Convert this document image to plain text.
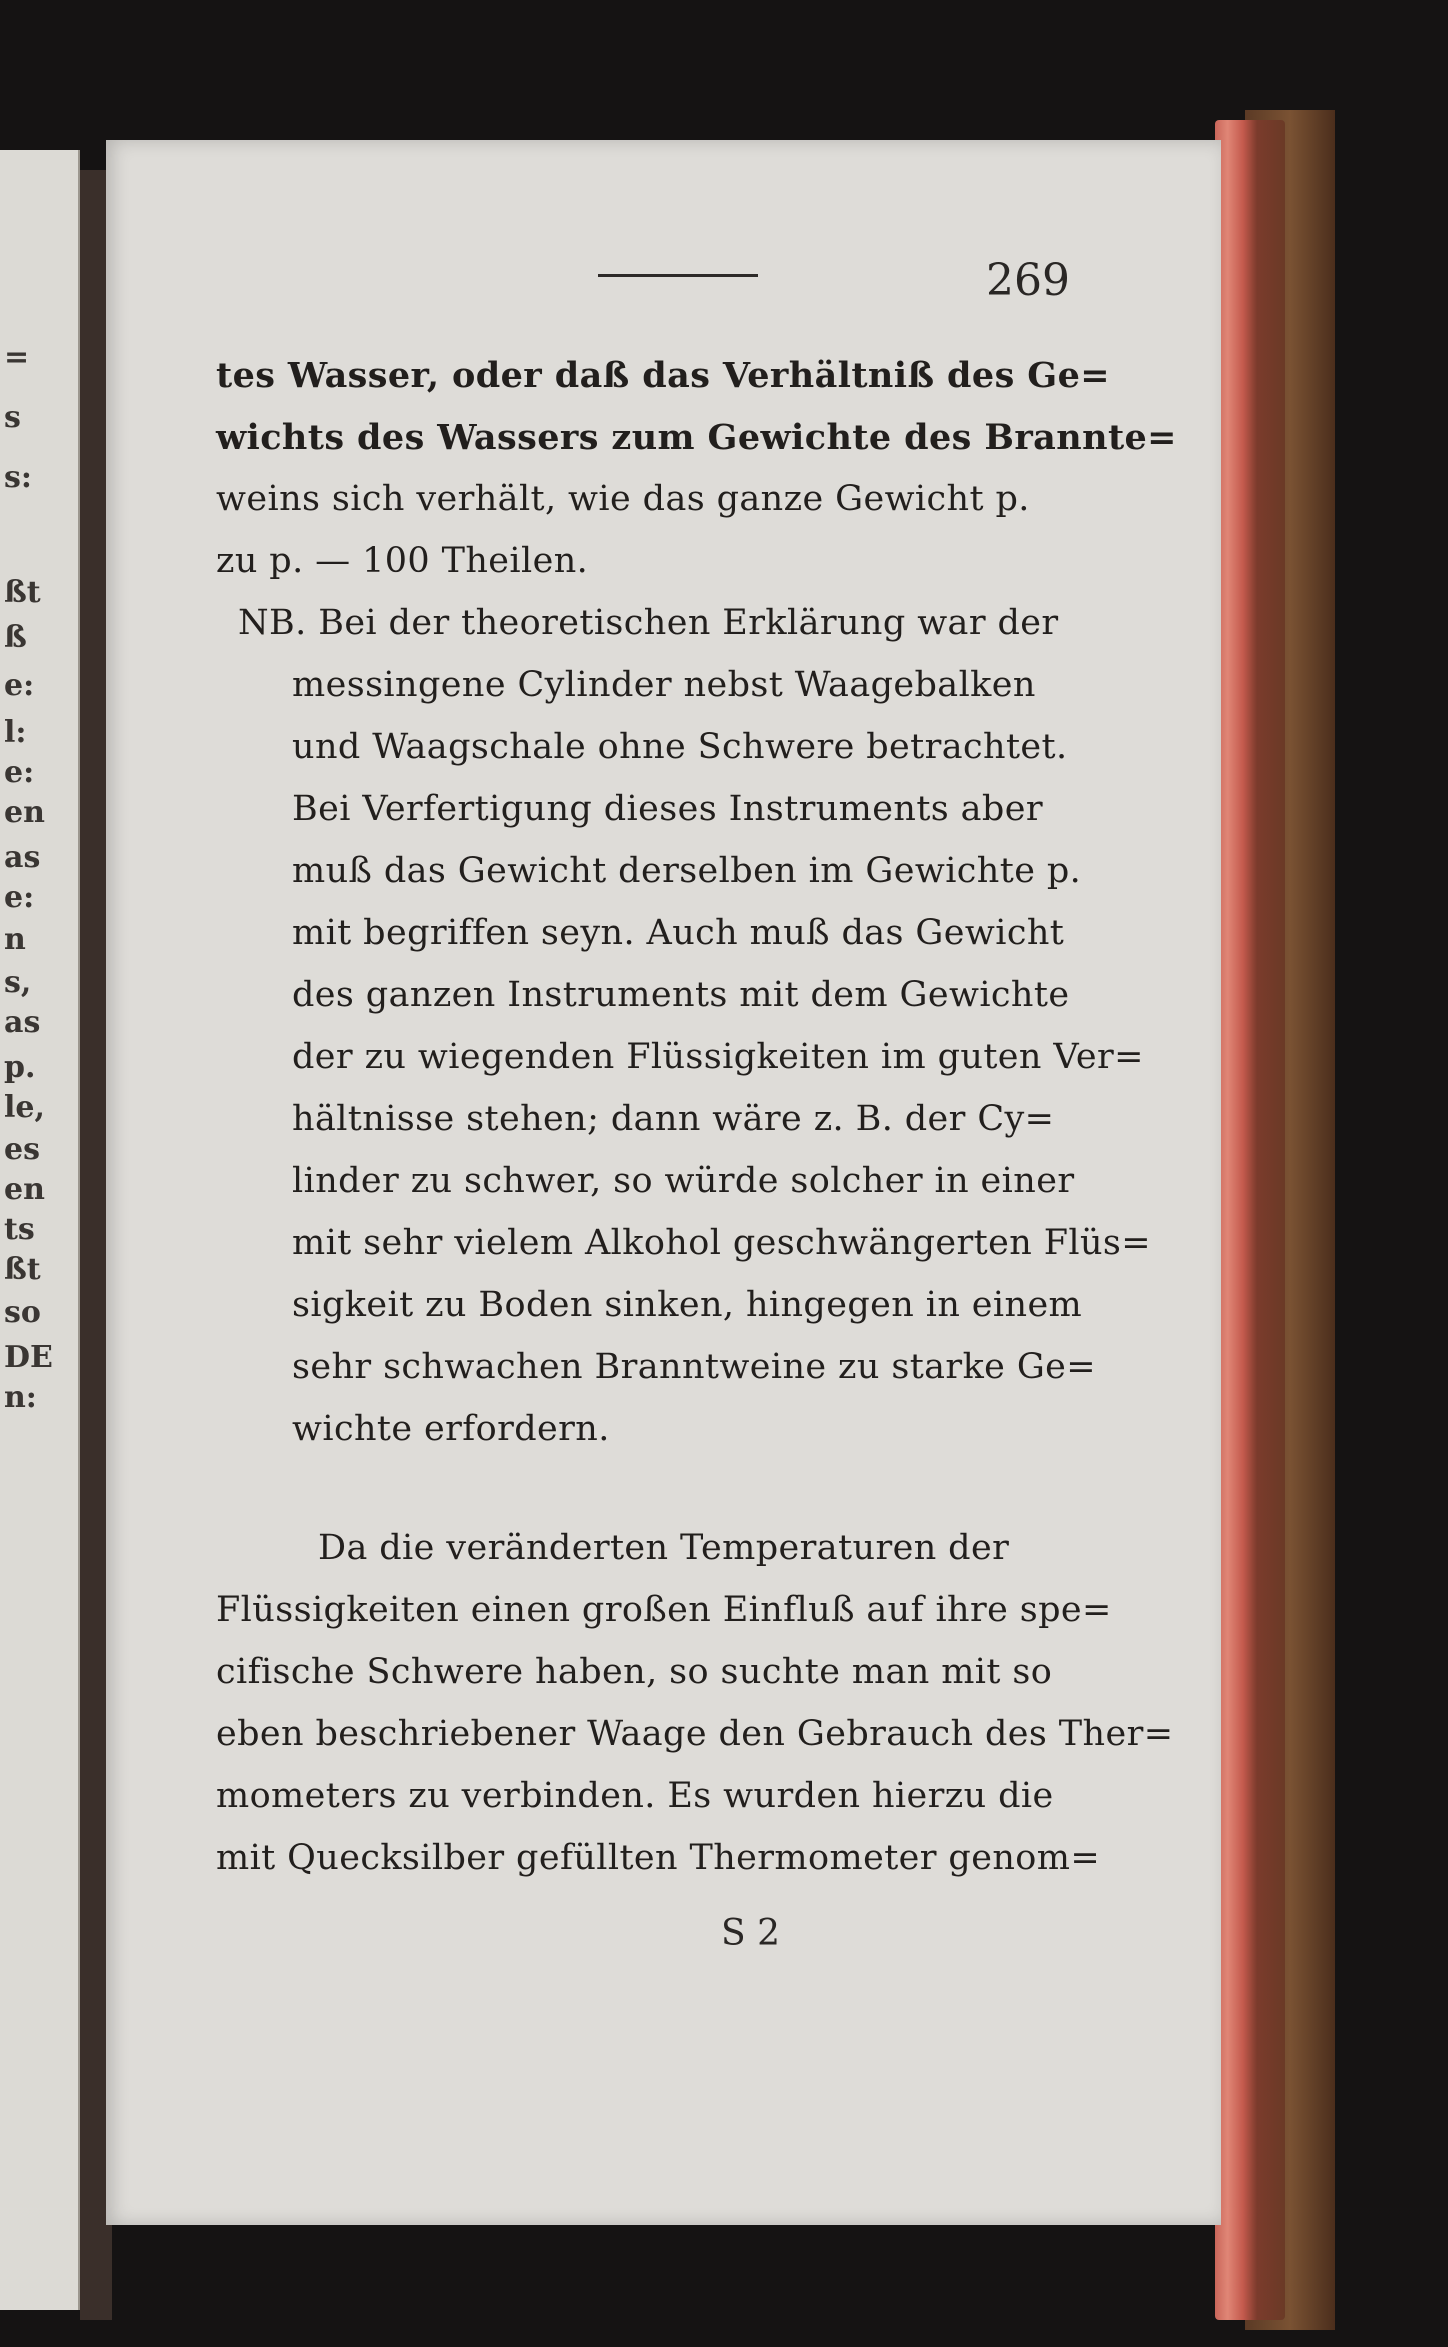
=
s
s:
ßt
ß
e:
l:
e:
en
as
e:
n
s,
as
p.
le,
es
en
ts
ßt
so
DE
n:
269
tes Wasser, oder daß das Verhältniß des Ge=
wichts des Wassers zum Gewichte des Brannte=
weins sich verhält, wie das ganze Gewicht p.
zu p. — 100 Theilen.
NB. Bei der theoretischen Erklärung war der
messingene Cylinder nebst Waagebalken
und Waagschale ohne Schwere betrachtet.
Bei Verfertigung dieses Instruments aber
muß das Gewicht derselben im Gewichte p.
mit begriffen seyn. Auch muß das Gewicht
des ganzen Instruments mit dem Gewichte
der zu wiegenden Flüssigkeiten im guten Ver=
hältnisse stehen; dann wäre z. B. der Cy=
linder zu schwer, so würde solcher in einer
mit sehr vielem Alkohol geschwängerten Flüs=
sigkeit zu Boden sinken, hingegen in einem
sehr schwachen Branntweine zu starke Ge=
wichte erfordern.
Da die veränderten Temperaturen der
Flüssigkeiten einen großen Einfluß auf ihre spe=
cifische Schwere haben, so suchte man mit so
eben beschriebener Waage den Gebrauch des Ther=
mometers zu verbinden. Es wurden hierzu die
mit Quecksilber gefüllten Thermometer genom=
S 2
